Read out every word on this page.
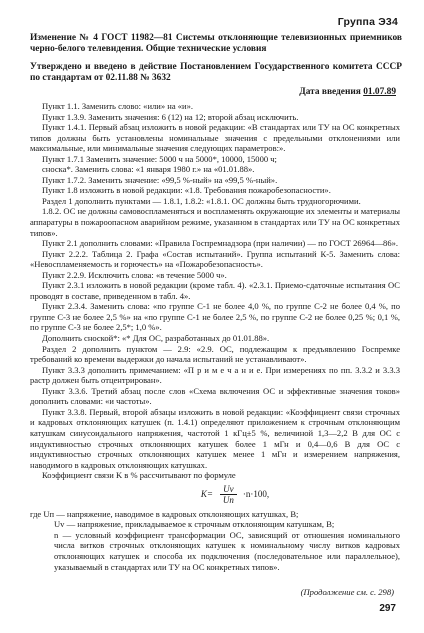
Группа Э34
Изменение № 4 ГОСТ 11982—81 Системы отклоняющие телевизионных приемников черно-белого телевидения. Общие технические условия
Утверждено и введено в действие Постановлением Государственного комитета СССР по стандартам от 02.11.88 № 3632
Дата введения 01.07.89

Пункт 1.1. Заменить слово: «или» на «и».

Пункт 1.3.9. Заменить значения: 6 (12) на 12; второй абзац исключить.

Пункт 1.4.1. Первый абзац изложить в новой редакции: «В стандартах или ТУ на ОС конкретных типов должны быть установлены номинальные значения с предельными отклонениями или максимальные, или минимальные значения следующих параметров:».

Пункт 1.7.1 Заменить значение: 5000 ч на 5000*, 10000, 15000 ч;

сноска*. Заменить слова: «1 января 1980 г.» на «01.01.88».

Пункт 1.7.2. Заменить значение: «99,5 %-ный» на «99,5 %-ный».

Пункт 1.8 изложить в новой редакции: «1.8. Требования пожаробезопасности».

Раздел 1 дополнить пунктами — 1.8.1, 1.8.2: «1.8.1. ОС должны быть трудногорючими.

1.8.2. ОС не должны самовоспламеняться и воспламенять окружающие их элементы и материалы аппаратуры в пожароопасном аварийном режиме, указанном в стандартах или ТУ на ОС конкретных типов».

Пункт 2.1 дополнить словами: «Правила Госпремнадзора (при наличии) — по ГОСТ 26964—86».

Пункт 2.2.2. Таблица 2. Графа «Состав испытаний». Группа испытаний К-5. Заменить слова: «Невоспламеняемость и горючесть» на «Пожаробезопасность».

Пункт 2.2.9. Исключить слова: «в течение 5000 ч».

Пункт 2.3.1 изложить в новой редакции (кроме табл. 4). «2.3.1. Приемо-сдаточные испытания ОС проводят в составе, приведенном в табл. 4».

Пункт 2.3.4. Заменить слова: «по группе С-1 не более 4,0 %, по группе С-2 не более 0,4 %, по группе С-3 не более 2,5 %» на «по группе С-1 не более 2,5 %, по группе С-2 не более 0,25 %; 0,1 %, по группе С-3 не более 2,5*; 1,0 %».

Дополнить сноской*: «* Для ОС, разработанных до 01.01.88».

Раздел 2 дополнить пунктом — 2.9: «2.9. ОС, подлежащим к предъявлению Госпремке требований ко времени выдержки до начала испытаний не устанавливают».

Пункт 3.3.3 дополнить примечанием: «П р и м е ч а н и е. При измерениях по пп. 3.3.2 и 3.3.3 растр должен быть отцентрирован».

Пункт 3.3.6. Третий абзац после слов «Схема включения ОС и эффективные значения токов» дополнить словами: «и частоты».

Пункт 3.3.8. Первый, второй абзацы изложить в новой редакции: «Коэффициент связи строчных и кадровых отклоняющих катушек (п. 1.4.1) определяют приложением к строчным отклоняющим катушкам синусоидального напряжения, частотой 1 кГц±5 %, величиной 1,3—2,2 В для ОС с индуктивностью строчных отклоняющих катушек более 1 мГн и 0,4—0,6 В для ОС с индуктивностью строчных отклоняющих катушек менее 1 мГн и измерением напряжения, наводимого в кадровых отклоняющих катушках.

Коэффициент связи K в % рассчитывают по формуле

$K= \frac{Uv}{Uп} \cdot n\cdot 100$,

где Uп — напряжение, наводимое в кадровых отклоняющих катушках, В;

Uv — напряжение, прикладываемое к строчным отклоняющим катушкам, В;

n — условный коэффициент трансформации ОС, зависящий от отношения номинального числа витков строчных отклоняющих катушек к номинальному числу витков кадровых отклоняющих катушек и способа их подключения (последовательное или параллельное), указываемый в стандартах или ТУ на ОС конкретных типов».

(Продолжение см. с. 298)
297
